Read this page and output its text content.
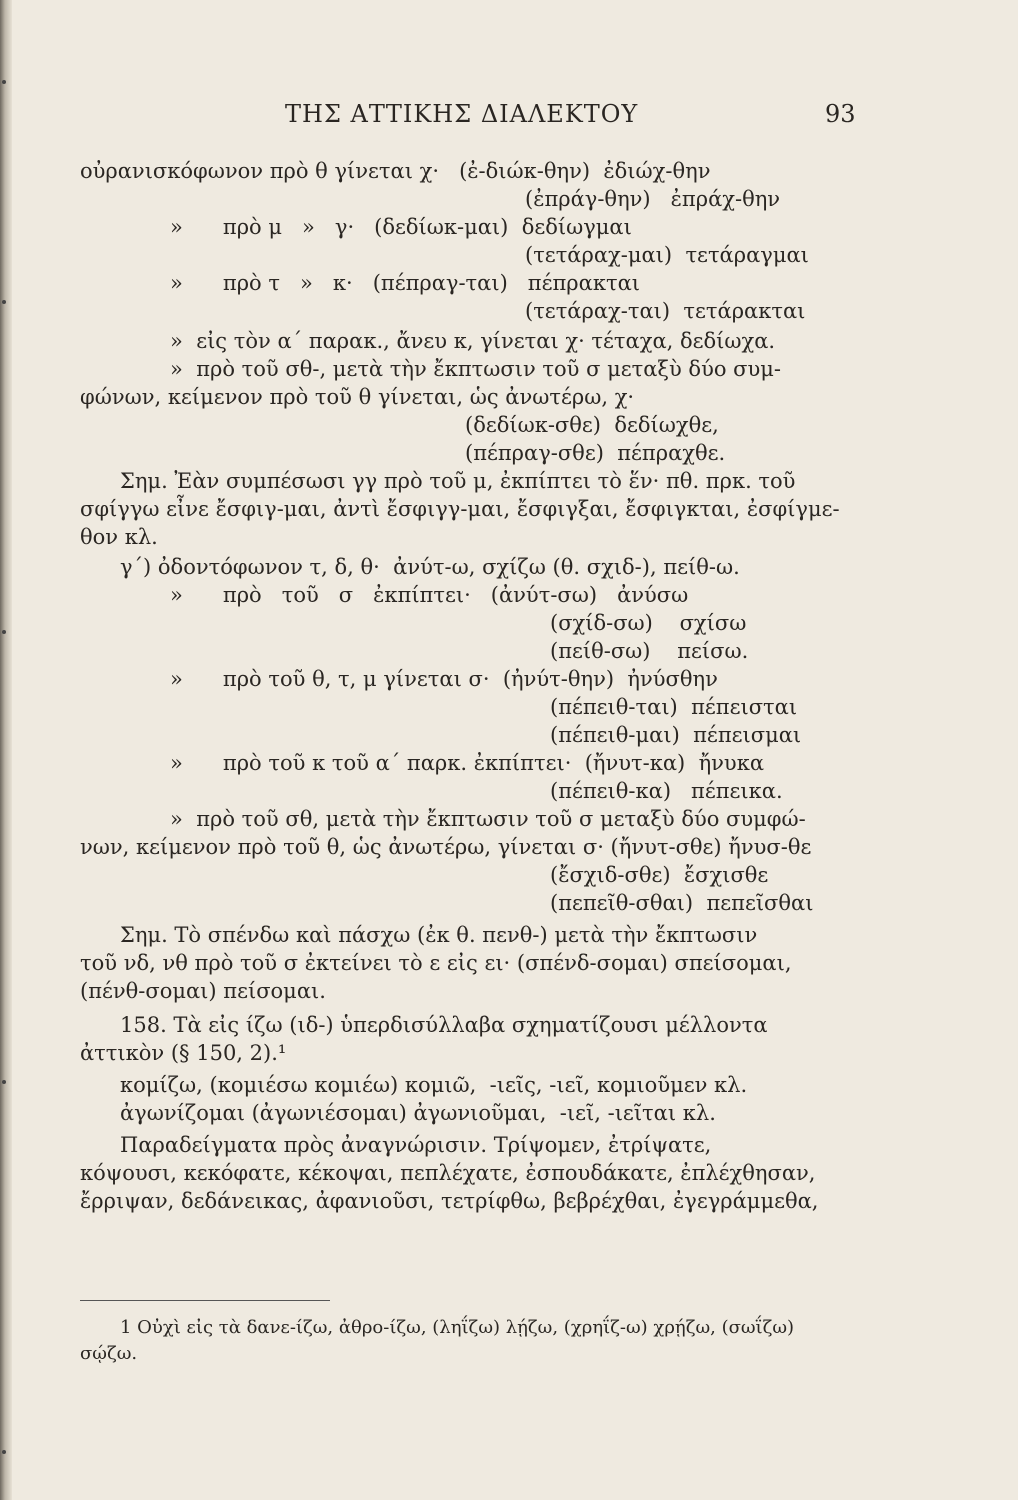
ΤΗΣ ΑΤΤΙΚΗΣ ΔΙΑΛΕΚΤΟΥ	93
οὐρανισκόφωνον πρὸ θ γίνεται χ·   (ἐ-διώκ-θην)  ἐδιώχ-θην
(ἐπράγ-θην)   ἐπράχ-θην
»      πρὸ μ   »   γ·   (δεδίωκ-μαι)  δεδίωγμαι
(τετάραχ-μαι)  τετάραγμαι
»      πρὸ τ   »   κ·   (πέπραγ-ται)   πέπρακται
(τετάραχ-ται)  τετάρακται
»  εἰς τὸν α΄ παρακ., ἄνευ κ, γίνεται χ· τέταχα, δεδίωχα.
»  πρὸ τοῦ σθ-, μετὰ τὴν ἔκπτωσιν τοῦ σ μεταξὺ δύο συμ-
φώνων, κείμενον πρὸ τοῦ θ γίνεται, ὡς ἀνωτέρω, χ·
(δεδίωκ-σθε)  δεδίωχθε,
(πέπραγ-σθε)  πέπραχθε.
Σημ. Ἐὰν συμπέσωσι γγ πρὸ τοῦ μ, ἐκπίπτει τὸ ἕν· πθ. πρκ. τοῦ
σφίγγω εἶνε ἔσφιγ-μαι, ἀντὶ ἔσφιγγ-μαι, ἔσφιγξαι, ἔσφιγκται, ἐσφίγμε-
θον κλ.
γ΄) ὀδοντόφωνον τ, δ, θ·  ἀνύτ-ω, σχίζω (θ. σχιδ-), πείθ-ω.
»      πρὸ   τοῦ   σ   ἐκπίπτει·   (ἀνύτ-σω)   ἀνύσω
(σχίδ-σω)    σχίσω
(πείθ-σω)    πείσω.
»      πρὸ τοῦ θ, τ, μ γίνεται σ·  (ἠνύτ-θην)  ἠνύσθην
(πέπειθ-ται)  πέπεισται
(πέπειθ-μαι)  πέπεισμαι
»      πρὸ τοῦ κ τοῦ α΄ παρκ. ἐκπίπτει·  (ἤνυτ-κα)  ἤνυκα
(πέπειθ-κα)   πέπεικα.
»  πρὸ τοῦ σθ, μετὰ τὴν ἔκπτωσιν τοῦ σ μεταξὺ δύο συμφώ-
νων, κείμενον πρὸ τοῦ θ, ὡς ἀνωτέρω, γίνεται σ· (ἤνυτ-σθε) ἤνυσ-θε
(ἔσχιδ-σθε)  ἔσχισθε
(πεπεῖθ-σθαι)  πεπεῖσθαι
Σημ. Τὸ σπένδω καὶ πάσχω (ἐκ θ. πενθ-) μετὰ τὴν ἔκπτωσιν
τοῦ νδ, νθ πρὸ τοῦ σ ἐκτείνει τὸ ε εἰς ει· (σπένδ-σομαι) σπείσομαι,
(πένθ-σομαι) πείσομαι.
158. Τὰ εἰς ίζω (ιδ-) ὑπερδισύλλαβα σχηματίζουσι μέλλοντα
ἀττικὸν (§ 150, 2).¹
κομίζω, (κομιέσω κομιέω) κομιῶ,  -ιεῖς, -ιεῖ, κομιοῦμεν κλ.
ἀγωνίζομαι (ἀγωνιέσομαι) ἀγωνιοῦμαι,  -ιεῖ, -ιεῖται κλ.
Παραδείγματα πρὸς ἀναγνώρισιν. Τρίψομεν, ἐτρίψατε,
κόψουσι, κεκόφατε, κέκοψαι, πεπλέχατε, ἐσπουδάκατε, ἐπλέχθησαν,
ἔρριψαν, δεδάνεικας, ἀφανιοῦσι, τετρίφθω, βεβρέχθαι, ἐγεγράμμεθα,
1 Οὐχὶ εἰς τὰ δανε-ίζω, ἀθρο-ίζω, (ληΐζω) λῄζω, (χρηΐζ-ω) χρῄζω, (σωΐζω)
σῴζω.
